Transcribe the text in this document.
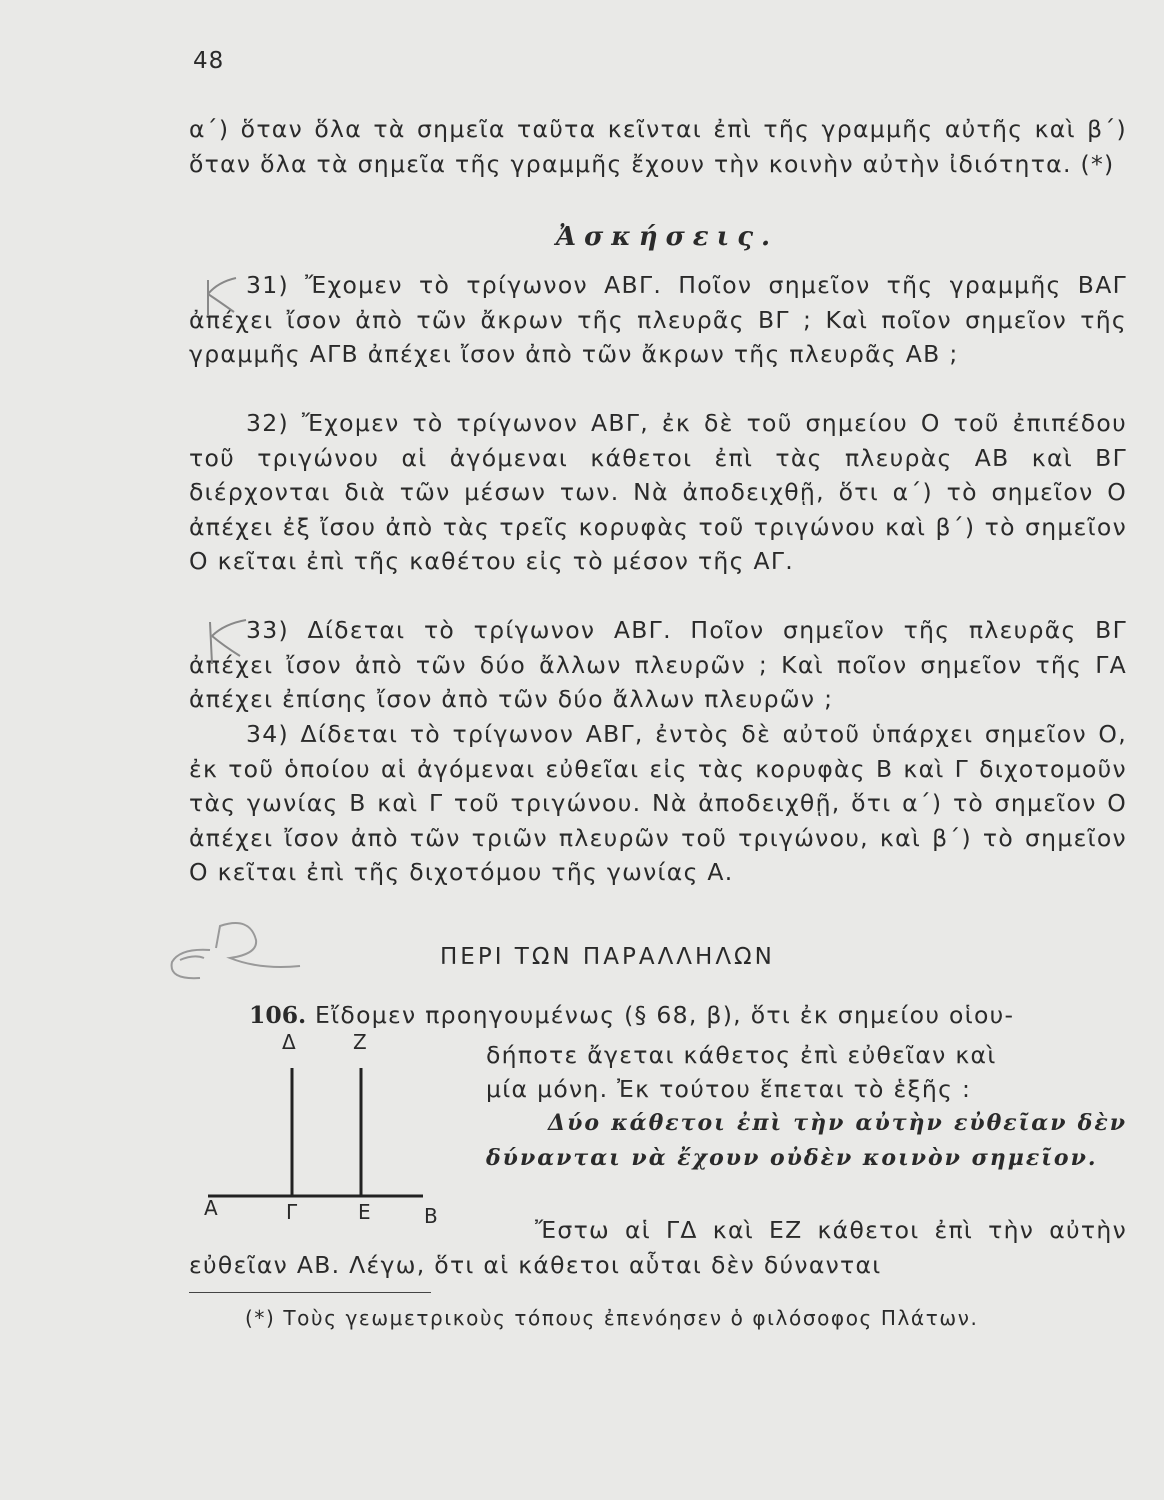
48

α΄) ὅταν ὅλα τὰ σημεῖα ταῦτα κεῖνται ἐπὶ τῆς γραμμῆς αὐτῆς καὶ β΄) ὅταν ὅλα τὰ σημεῖα τῆς γραμμῆς ἔχουν τὴν κοινὴν αὐτὴν ἰδιότητα. (*)

Ἀσκήσεις.

31) Ἔχομεν τὸ τρίγωνον ΑΒΓ. Ποῖον σημεῖον τῆς γραμμῆς ΒΑΓ ἀπέχει ἴσον ἀπὸ τῶν ἄκρων τῆς πλευρᾶς ΒΓ ; Καὶ ποῖον σημεῖον τῆς γραμμῆς ΑΓΒ ἀπέχει ἴσον ἀπὸ τῶν ἄκρων τῆς πλευρᾶς ΑΒ ;

32) Ἔχομεν τὸ τρίγωνον ΑΒΓ, ἐκ δὲ τοῦ σημείου Ο τοῦ ἐπιπέδου τοῦ τριγώνου αἱ ἀγόμεναι κάθετοι ἐπὶ τὰς πλευρὰς ΑΒ καὶ ΒΓ διέρχονται διὰ τῶν μέσων των. Νὰ ἀποδειχθῇ, ὅτι α΄) τὸ σημεῖον Ο ἀπέχει ἐξ ἴσου ἀπὸ τὰς τρεῖς κορυφὰς τοῦ τριγώνου καὶ β΄) τὸ σημεῖον Ο κεῖται ἐπὶ τῆς καθέτου εἰς τὸ μέσον τῆς ΑΓ.

33) Δίδεται τὸ τρίγωνον ΑΒΓ. Ποῖον σημεῖον τῆς πλευρᾶς ΒΓ ἀπέχει ἴσον ἀπὸ τῶν δύο ἄλλων πλευρῶν ; Καὶ ποῖον σημεῖον τῆς ΓΑ ἀπέχει ἐπίσης ἴσον ἀπὸ τῶν δύο ἄλλων πλευρῶν ;

34) Δίδεται τὸ τρίγωνον ΑΒΓ, ἐντὸς δὲ αὐτοῦ ὑπάρχει σημεῖον Ο, ἐκ τοῦ ὁποίου αἱ ἀγόμεναι εὐθεῖαι εἰς τὰς κορυφὰς Β καὶ Γ διχοτομοῦν τὰς γωνίας Β καὶ Γ τοῦ τριγώνου. Νὰ ἀποδειχθῇ, ὅτι α΄) τὸ σημεῖον Ο ἀπέχει ἴσον ἀπὸ τῶν τριῶν πλευρῶν τοῦ τριγώνου, καὶ β΄) τὸ σημεῖον Ο κεῖται ἐπὶ τῆς διχοτόμου τῆς γωνίας Α.

ΠΕΡΙ ΤΩΝ ΠΑΡΑΛΛΗΛΩΝ

106. Εἴδομεν προηγουμένως (§ 68, β), ὅτι ἐκ σημείου οἱου-

δήποτε ἄγεται κάθετος ἐπὶ εὐθεῖαν καὶ

μία μόνη. Ἐκ τούτου ἕπεται τὸ ἑξῆς :

Δύο κάθετοι ἐπὶ τὴν αὐτὴν εὐθεῖαν δὲν δύνανται νὰ ἔχουν οὐδὲν κοινὸν σημεῖον.

Δ	Ζ
Α	Γ	Ε	Β	Ἔστω αἱ ΓΔ καὶ ΕΖ κάθετοι ἐπὶ τὴν αὐτὴν εὐθεῖαν ΑΒ. Λέγω, ὅτι αἱ κάθετοι αὗται δὲν δύνανται

(*) Τοὺς γεωμετρικοὺς τόπους ἐπενόησεν ὁ φιλόσοφος Πλάτων.
